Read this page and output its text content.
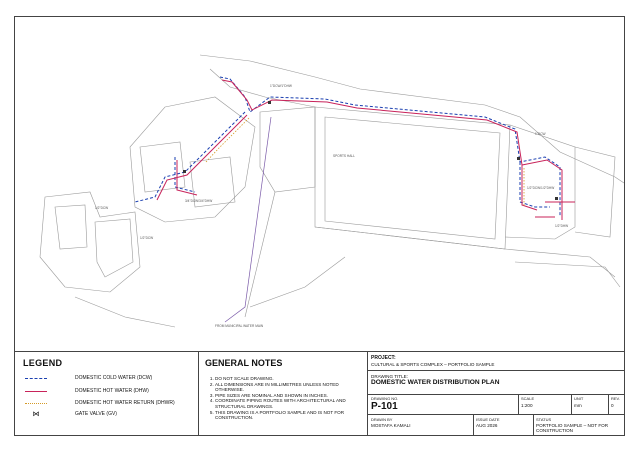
SPORTS HALL
1"DCW/1"DHW
1"DCW
1/2"DCW/1/2"DHW
3/4"DCW/3/4"DHW
1/2"DCW
FROM MUNICIPAL WATER MAIN
1/2"DCW
1/2"DHW
LEGEND
DOMESTIC COLD WATER (DCW)
DOMESTIC HOT WATER (DHW)
DOMESTIC HOT WATER RETURN (DHWR)
⋈	GATE VALVE (GV)
GENERAL NOTES
1. DO NOT SCALE DRAWING.
2. ALL DIMENSIONS ARE IN MILLIMETRES UNLESS NOTED OTHERWISE.
3. PIPE SIZES ARE NOMINAL AND SHOWN IN INCHES.
4. COORDINATE PIPING ROUTES WITH ARCHITECTURAL AND STRUCTURAL DRAWINGS.
5. THIS DRAWING IS A PORTFOLIO SAMPLE AND IS NOT FOR CONSTRUCTION.
PROJECT:
CULTURAL & SPORTS COMPLEX – PORTFOLIO SAMPLE
DRAWING TITLE:
DOMESTIC WATER DISTRIBUTION PLAN
DRAWING NO.
P-101
SCALE
1:200
UNIT
mm
REV.
0
DRAWN BY
MOSTAFA KAMALI
ISSUE DATE
AUG 2026
STATUS
PORTFOLIO SAMPLE – NOT FOR CONSTRUCTION
